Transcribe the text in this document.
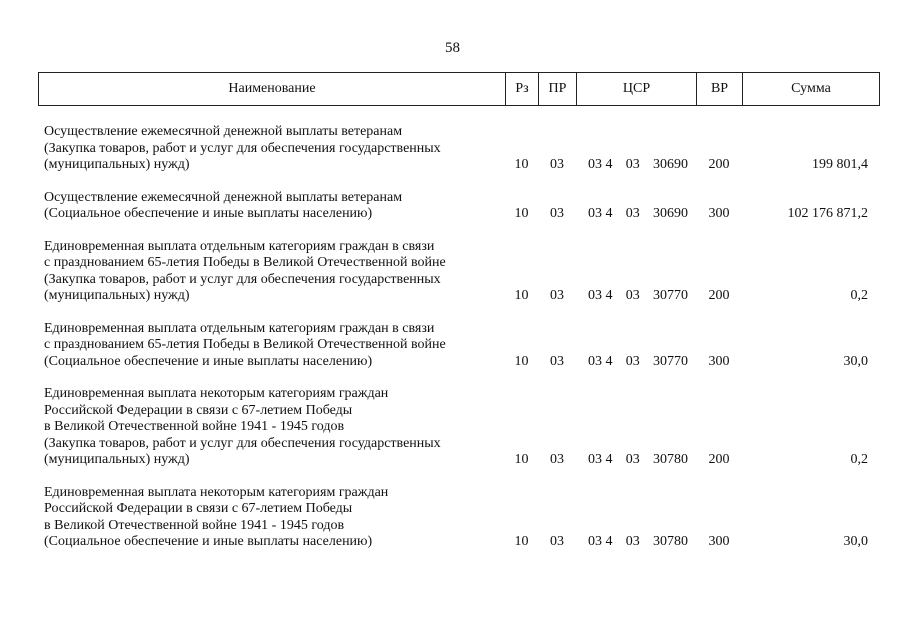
58
Наименование	Рз	ПР	ЦСР	ВР	Сумма
Осуществление ежемесячной денежной выплаты ветеранам
(Закупка товаров, работ и услуг для обеспечения государственных
(муниципальных) нужд)	10	03	03 4 03 30690	200	199 801,4
Осуществление ежемесячной денежной выплаты ветеранам
(Социальное обеспечение и иные выплаты населению)	10	03	03 4 03 30690	300	102 176 871,2
Единовременная выплата отдельным категориям граждан в связи
с празднованием 65-летия Победы в Великой Отечественной войне
(Закупка товаров, работ и услуг для обеспечения государственных
(муниципальных) нужд)	10	03	03 4 03 30770	200	0,2
Единовременная выплата отдельным категориям граждан в связи
с празднованием 65-летия Победы в Великой Отечественной войне
(Социальное обеспечение и иные выплаты населению)	10	03	03 4 03 30770	300	30,0
Единовременная выплата некоторым категориям граждан
Российской Федерации в связи с 67-летием Победы
в Великой Отечественной войне 1941 - 1945 годов
(Закупка товаров, работ и услуг для обеспечения государственных
(муниципальных) нужд)	10	03	03 4 03 30780	200	0,2
Единовременная выплата некоторым категориям граждан
Российской Федерации в связи с 67-летием Победы
в Великой Отечественной войне 1941 - 1945 годов
(Социальное обеспечение и иные выплаты населению)	10	03	03 4 03 30780	300	30,0
